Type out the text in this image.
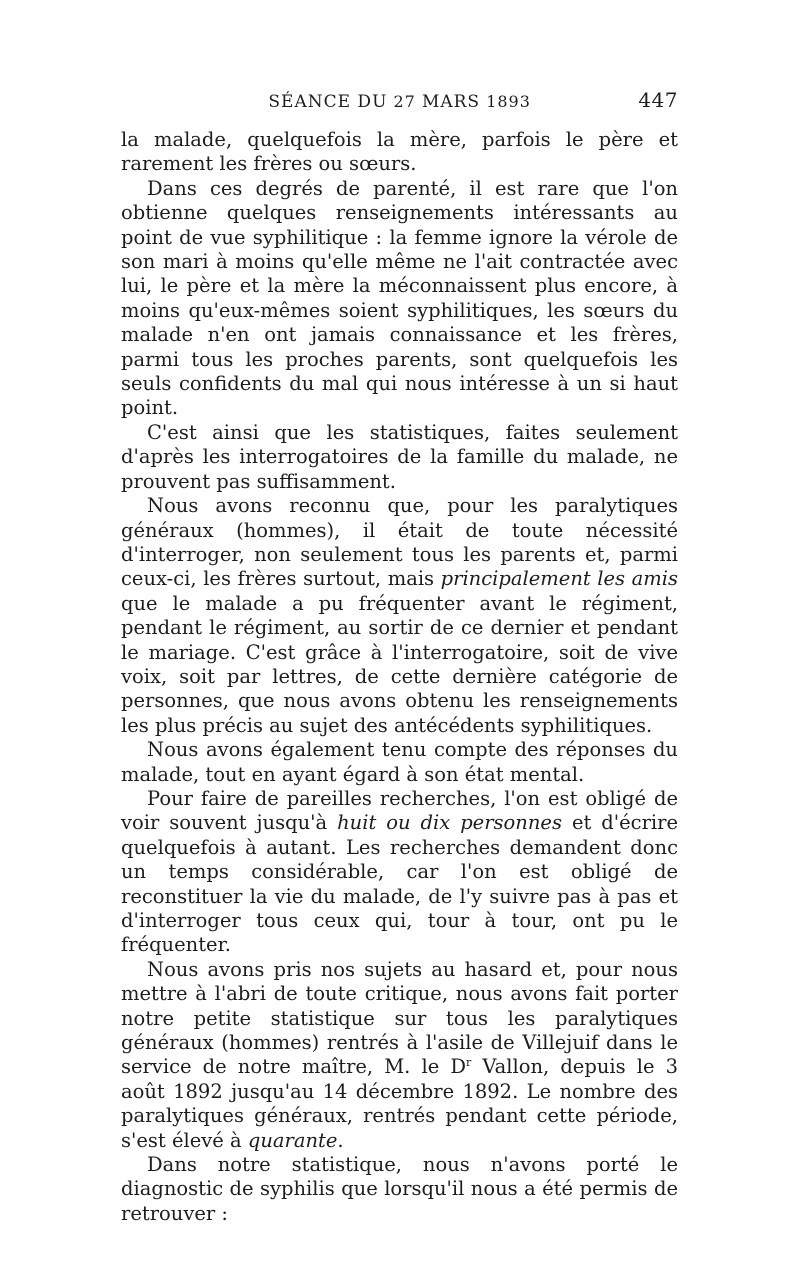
SÉANCE DU 27 MARS 1893	447

la malade, quelquefois la mère, parfois le père et rarement les frères ou sœurs.

Dans ces degrés de parenté, il est rare que l'on obtienne quelques renseignements intéressants au point de vue syphilitique : la femme ignore la vérole de son mari à moins qu'elle même ne l'ait contractée avec lui, le père et la mère la méconnaissent plus encore, à moins qu'eux-mêmes soient syphilitiques, les sœurs du malade n'en ont jamais connaissance et les frères, parmi tous les proches parents, sont quelquefois les seuls confidents du mal qui nous intéresse à un si haut point.

C'est ainsi que les statistiques, faites seulement d'après les interrogatoires de la famille du malade, ne prouvent pas suffisamment.

Nous avons reconnu que, pour les paralytiques généraux (hommes), il était de toute nécessité d'interroger, non seulement tous les parents et, parmi ceux-ci, les frères surtout, mais principalement les amis que le malade a pu fréquenter avant le régiment, pendant le régiment, au sortir de ce dernier et pendant le mariage. C'est grâce à l'interrogatoire, soit de vive voix, soit par lettres, de cette dernière catégorie de personnes, que nous avons obtenu les renseignements les plus précis au sujet des antécédents syphilitiques.

Nous avons également tenu compte des réponses du malade, tout en ayant égard à son état mental.

Pour faire de pareilles recherches, l'on est obligé de voir souvent jusqu'à huit ou dix personnes et d'écrire quelquefois à autant. Les recherches demandent donc un temps considérable, car l'on est obligé de reconstituer la vie du malade, de l'y suivre pas à pas et d'interroger tous ceux qui, tour à tour, ont pu le fréquenter.

Nous avons pris nos sujets au hasard et, pour nous mettre à l'abri de toute critique, nous avons fait porter notre petite statistique sur tous les paralytiques généraux (hommes) rentrés à l'asile de Villejuif dans le service de notre maître, M. le $D^r$ Vallon, depuis le 3 août 1892 jusqu'au 14 décembre 1892. Le nombre des paralytiques généraux, rentrés pendant cette période, s'est élevé à quarante.

Dans notre statistique, nous n'avons porté le diagnostic de syphilis que lorsqu'il nous a été permis de retrouver :
